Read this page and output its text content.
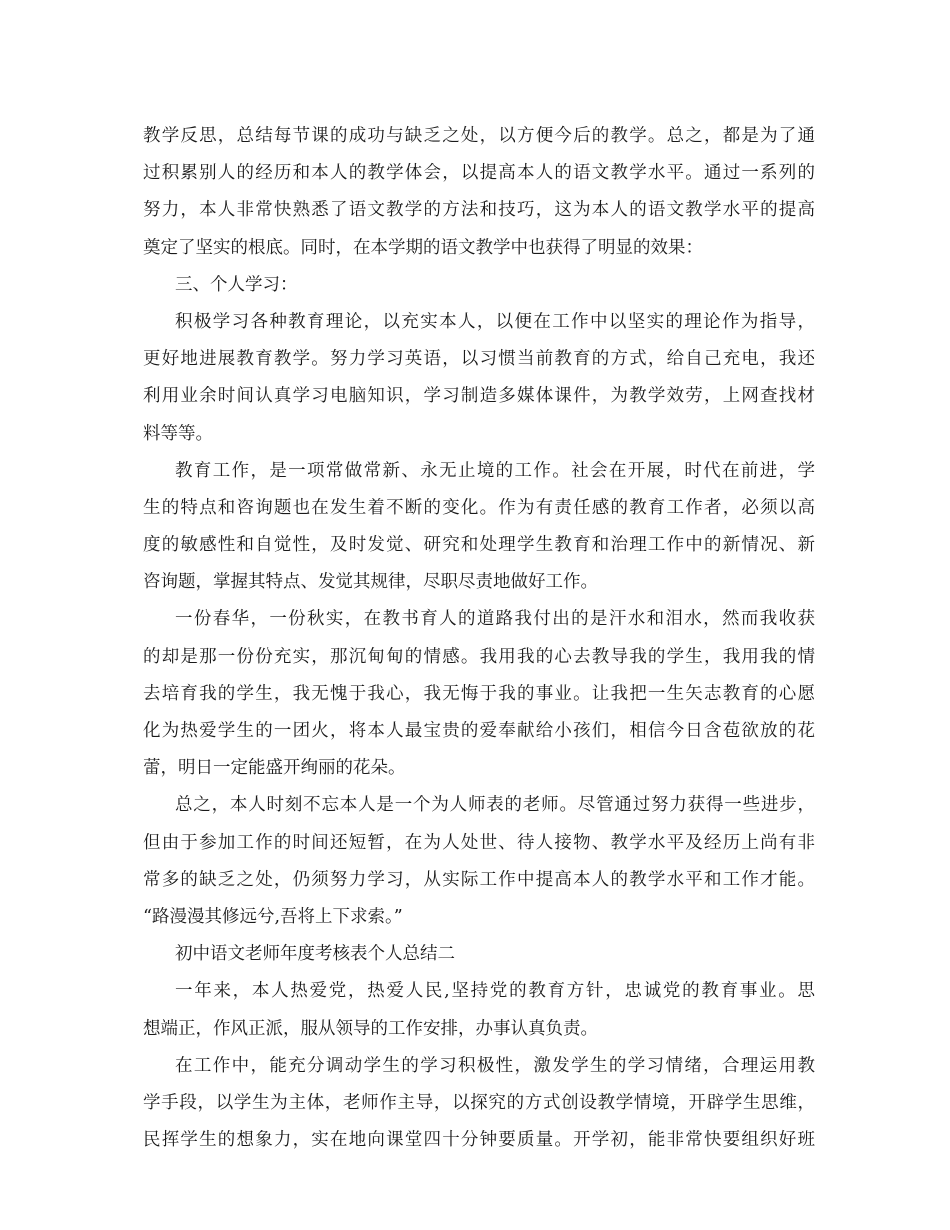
教学反思，总结每节课的成功与缺乏之处，以方便今后的教学。总之，都是为了通
过积累别人的经历和本人的教学体会，以提高本人的语文教学水平。通过一系列的
努力，本人非常快熟悉了语文教学的方法和技巧，这为本人的语文教学水平的提高
奠定了坚实的根底。同时，在本学期的语文教学中也获得了明显的效果：
三、个人学习：
积极学习各种教育理论，以充实本人，以便在工作中以坚实的理论作为指导，
更好地进展教育教学。努力学习英语，以习惯当前教育的方式，给自己充电，我还
利用业余时间认真学习电脑知识，学习制造多媒体课件，为教学效劳，上网查找材
料等等。
教育工作，是一项常做常新、永无止境的工作。社会在开展，时代在前进，学
生的特点和咨询题也在发生着不断的变化。作为有责任感的教育工作者，必须以高
度的敏感性和自觉性，及时发觉、研究和处理学生教育和治理工作中的新情况、新
咨询题，掌握其特点、发觉其规律，尽职尽责地做好工作。
一份春华，一份秋实，在教书育人的道路我付出的是汗水和泪水，然而我收获
的却是那一份份充实，那沉甸甸的情感。我用我的心去教导我的学生，我用我的情
去培育我的学生，我无愧于我心，我无悔于我的事业。让我把一生矢志教育的心愿
化为热爱学生的一团火，将本人最宝贵的爱奉献给小孩们，相信今日含苞欲放的花
蕾，明日一定能盛开绚丽的花朵。
总之，本人时刻不忘本人是一个为人师表的老师。尽管通过努力获得一些进步，
但由于参加工作的时间还短暂，在为人处世、待人接物、教学水平及经历上尚有非
常多的缺乏之处，仍须努力学习，从实际工作中提高本人的教学水平和工作才能。
“路漫漫其修远兮,吾将上下求索。”
初中语文老师年度考核表个人总结二
一年来，本人热爱党，热爱人民,坚持党的教育方针，忠诚党的教育事业。思
想端正，作风正派，服从领导的工作安排，办事认真负责。
在工作中，能充分调动学生的学习积极性，激发学生的学习情绪，合理运用教
学手段，以学生为主体，老师作主导，以探究的方式创设教学情境，开辟学生思维，
民挥学生的想象力，实在地向课堂四十分钟要质量。开学初，能非常快要组织好班
